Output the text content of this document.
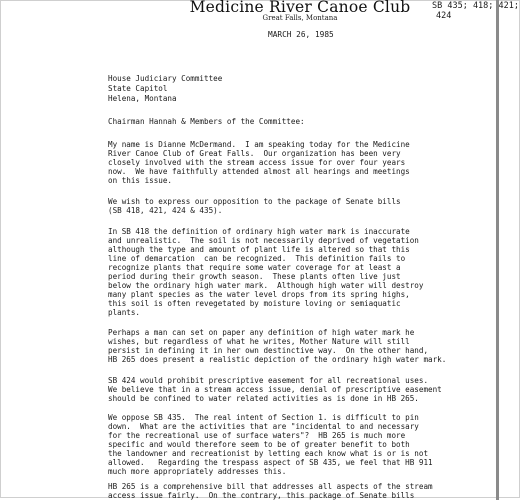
Medicine River Canoe Club
Great Falls, Montana
SB 435; 418; 421;
424
MARCH 26, 1985
House Judiciary Committee
State Capitol
Helena, Montana
Chairman Hannah & Members of the Committee:
My name is Dianne McDermand.  I am speaking today for the Medicine
River Canoe Club of Great Falls.  Our organization has been very
closely involved with the stream access issue for over four years
now.  We have faithfully attended almost all hearings and meetings
on this issue.
We wish to express our opposition to the package of Senate bills
(SB 418, 421, 424 & 435).
In SB 418 the definition of ordinary high water mark is inaccurate
and unrealistic.  The soil is not necessarily deprived of vegetation
although the type and amount of plant life is altered so that this
line of demarcation  can be recognized.  This definition fails to
recognize plants that require some water coverage for at least a
period during their growth season.  These plants often live just
below the ordinary high water mark.  Although high water will destroy
many plant species as the water level drops from its spring highs,
this soil is often revegetated by moisture loving or semiaquatic
plants.
Perhaps a man can set on paper any definition of high water mark he
wishes, but regardless of what he writes, Mother Nature will still
persist in defining it in her own destinctive way.  On the other hand,
HB 265 does present a realistic depiction of the ordinary high water mark.
SB 424 would prohibit prescriptive easement for all recreational uses.
We believe that in a stream access issue, denial of prescriptive easement
should be confined to water related activities as is done in HB 265.
We oppose SB 435.  The real intent of Section 1. is difficult to pin
down.  What are the activities that are "incidental to and necessary
for the recreational use of surface waters"?  HB 265 is much more
specific and would therefore seem to be of greater benefit to both
the landowner and recreationist by letting each know what is or is not
allowed.   Regarding the trespass aspect of SB 435, we feel that HB 911
much more appropriately addresses this.
HB 265 is a comprehensive bill that addresses all aspects of the stream
access issue fairly.  On the contrary, this package of Senate bills
